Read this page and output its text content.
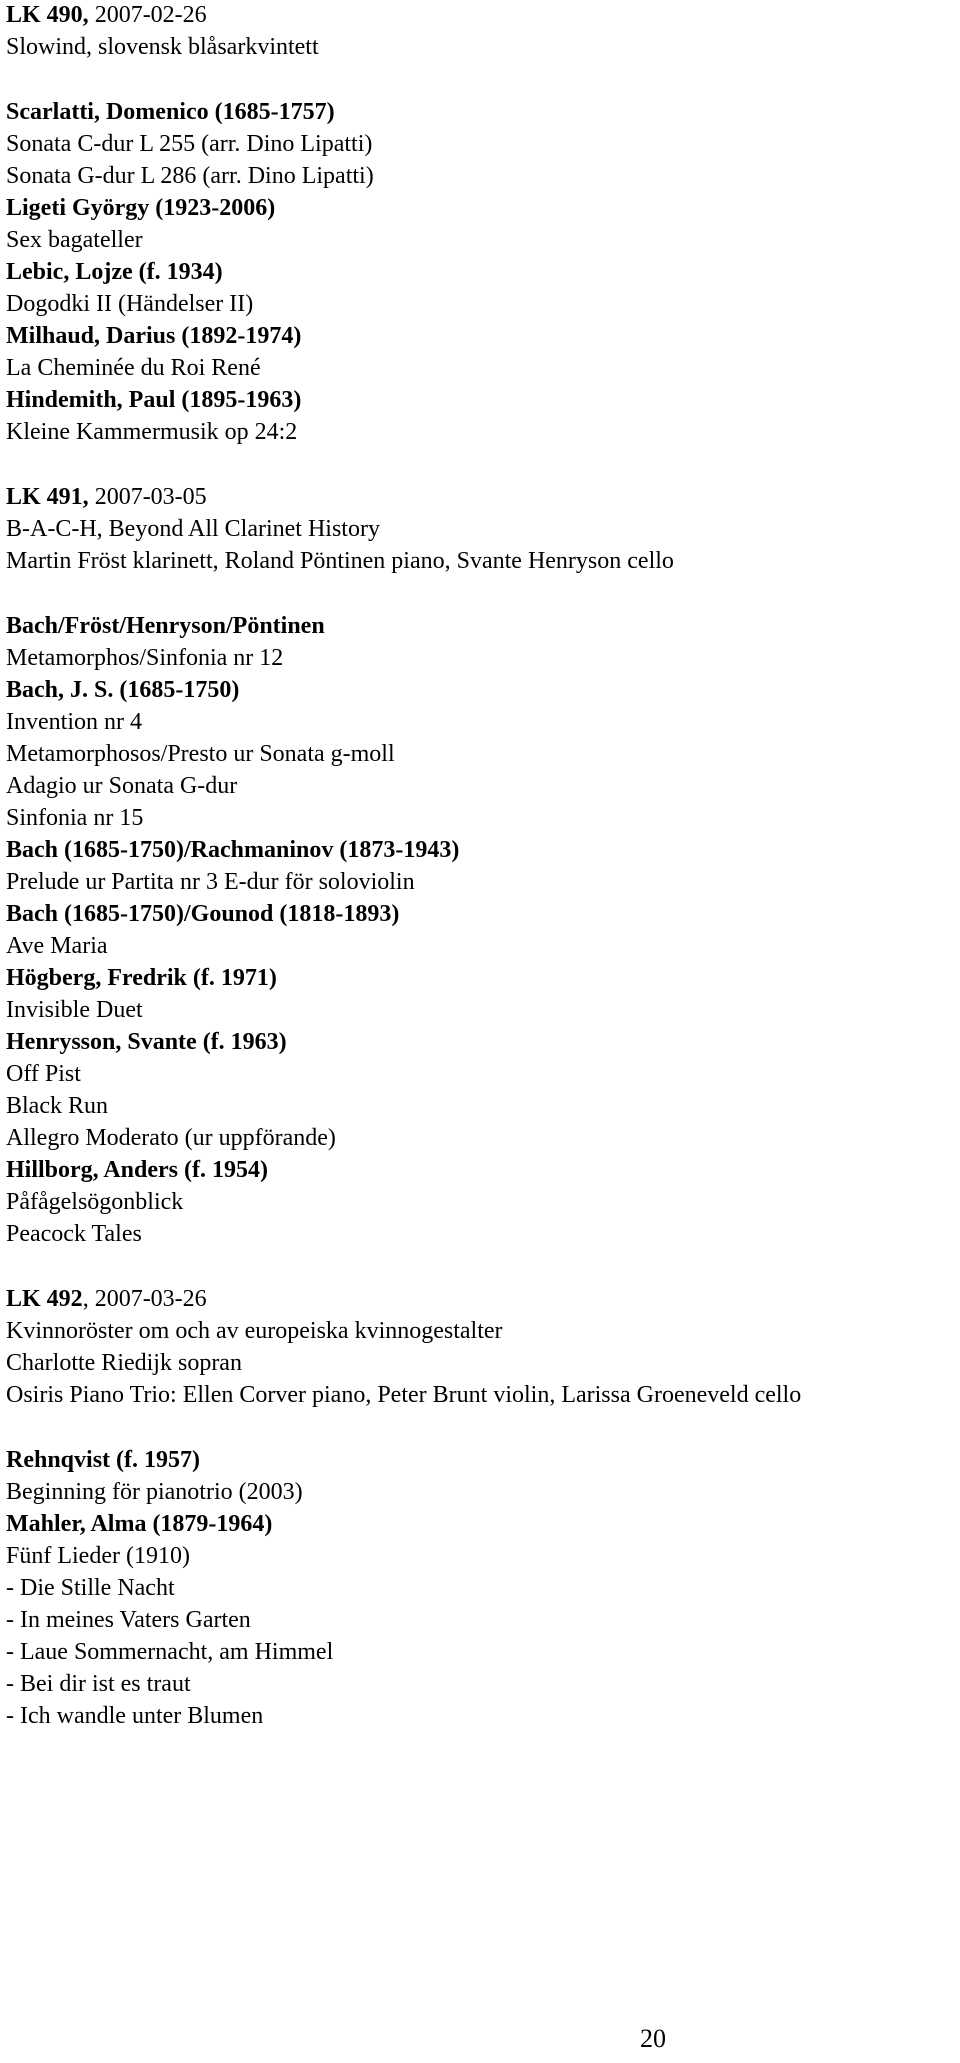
LK 490, 2007-02-26
Slowind, slovensk blåsarkvintett
Scarlatti, Domenico (1685-1757)
Sonata C-dur L 255 (arr. Dino Lipatti)
Sonata G-dur L 286 (arr. Dino Lipatti)
Ligeti György (1923-2006)
Sex bagateller
Lebic, Lojze (f. 1934)
Dogodki II (Händelser II)
Milhaud, Darius (1892-1974)
La Cheminée du Roi René
Hindemith, Paul (1895-1963)
Kleine Kammermusik op 24:2
LK 491, 2007-03-05
B-A-C-H, Beyond All Clarinet History
Martin Fröst klarinett, Roland Pöntinen piano, Svante Henryson cello
Bach/Fröst/Henryson/Pöntinen
Metamorphos/Sinfonia nr 12
Bach, J. S. (1685-1750)
Invention nr 4
Metamorphosos/Presto ur Sonata g-moll
Adagio ur Sonata G-dur
Sinfonia nr 15
Bach (1685-1750)/Rachmaninov (1873-1943)
Prelude ur Partita nr 3 E-dur för soloviolin
Bach (1685-1750)/Gounod (1818-1893)
Ave Maria
Högberg, Fredrik (f. 1971)
Invisible Duet
Henrysson, Svante (f. 1963)
Off Pist
Black Run
Allegro Moderato (ur uppförande)
Hillborg, Anders (f. 1954)
Påfågelsögonblick
Peacock Tales
LK 492, 2007-03-26
Kvinnoröster om och av europeiska kvinnogestalter
Charlotte Riedijk sopran
Osiris Piano Trio: Ellen Corver piano, Peter Brunt violin, Larissa Groeneveld cello
Rehnqvist (f. 1957)
Beginning för pianotrio (2003)
Mahler, Alma (1879-1964)
Fünf Lieder (1910)
- Die Stille Nacht
- In meines Vaters Garten
- Laue Sommernacht, am Himmel
- Bei dir ist es traut
- Ich wandle unter Blumen
20
